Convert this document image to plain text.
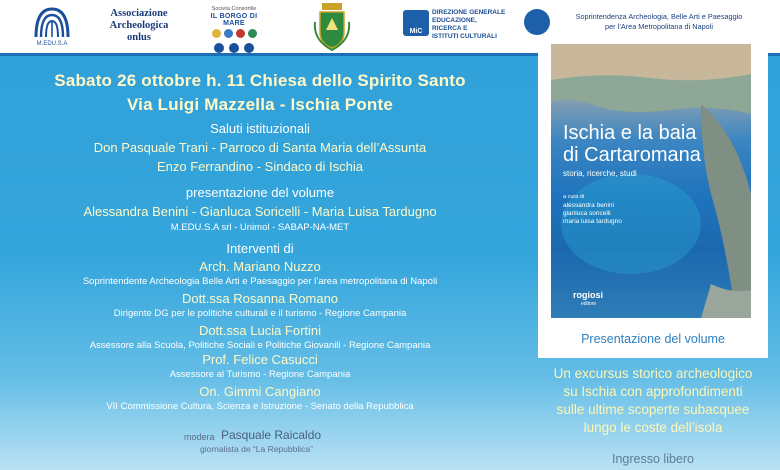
M.EDU.S.A
Associazione
Archeologica
onlus
Societa Consortile
IL BORGO DI MARE
MiC
DIREZIONE GENERALE
EDUCAZIONE,
RICERCA E
ISTITUTI CULTURALI
Soprintendenza Archeologia, Belle Arti e Paesaggio
per l’Area Metropolitana di Napoli
Sabato 26 ottobre h. 11 Chiesa dello Spirito Santo
Via Luigi Mazzella - Ischia Ponte
Saluti istituzionali
Don Pasquale Trani - Parroco di Santa Maria dell’Assunta
Enzo Ferrandino - Sindaco di Ischia
presentazione del volume
Alessandra Benini - Gianluca Soricelli - Maria Luisa Tardugno
M.EDU.S.A srl - Unimol - SABAP-NA-MET
Interventi di
Arch. Mariano Nuzzo
Soprintendente Archeologia Belle Arti e Paesaggio per l’area metropolitana di Napoli
Dott.ssa Rosanna Romano
Dirigente DG per le politiche culturali e il turismo - Regione Campania
Dott.ssa Lucia Fortini
Assessore alla Scuola, Politiche Sociali e Politiche Giovanili - Regione Campania
Prof. Felice Casucci
Assessore al Turismo - Regione Campania
On. Gimmi Cangiano
VII Commissione Cultura, Scienza e Istruzione - Senato della Repubblica
modera Pasquale Raicaldo
giornalista de “La Repubblica”
Ischia e la baia
di Cartaromana
storia, ricerche, studi
a cura di
alessandra benini
gianluca soricelli
maria luisa tardugno
rogiosi
editore
Presentazione del volume
Un excursus storico archeologico
su Ischia con approfondimenti
sulle ultime scoperte subacquee
lungo le coste dell’isola
Ingresso libero
